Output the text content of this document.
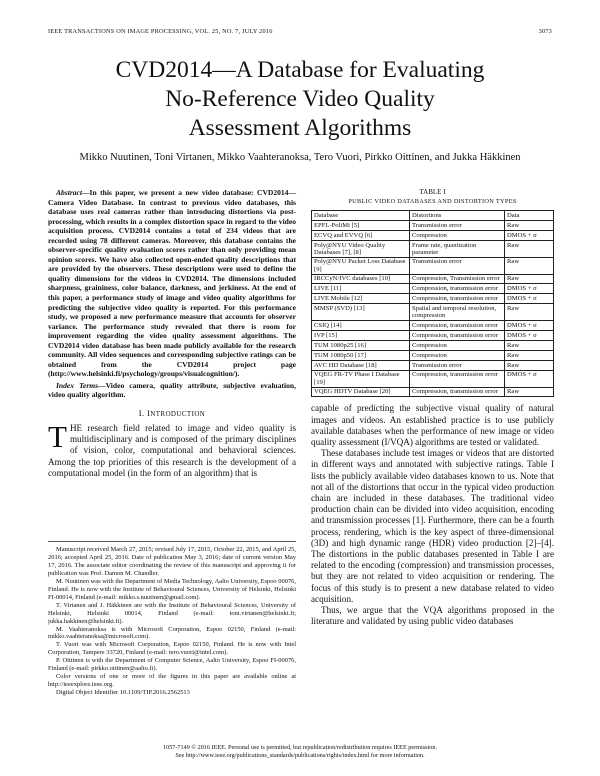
IEEE TRANSACTIONS ON IMAGE PROCESSING, VOL. 25, NO. 7, JULY 2016	3073
CVD2014—A Database for Evaluating
No-Reference Video Quality
Assessment Algorithms
Mikko Nuutinen, Toni Virtanen, Mikko Vaahteranoksa, Tero Vuori, Pirkko Oittinen, and Jukka Häkkinen

Abstract—In this paper, we present a new video database: CVD2014—Camera Video Database. In contrast to previous video databases, this database uses real cameras rather than introducing distortions via post-processing, which results in a complex distortion space in regard to the video acquisition process. CVD2014 contains a total of 234 videos that are recorded using 78 different cameras. Moreover, this database contains the observer-specific quality evaluation scores rather than only providing mean opinion scores. We have also collected open-ended quality descriptions that are provided by the observers. These descriptions were used to define the quality dimensions for the videos in CVD2014. The dimensions included sharpness, graininess, color balance, darkness, and jerkiness. At the end of this paper, a performance study of image and video quality algorithms for predicting the subjective video quality is reported. For this performance study, we proposed a new performance measure that accounts for observer variance. The performance study revealed that there is room for improvement regarding the video quality assessment algorithms. The CVD2014 video database has been made publicly available for the research community. All video sequences and corresponding subjective ratings can be obtained from the CVD2014 project page (http://www.helsinki.fi/psychology/groups/visualcognition/).

Index Terms—Video camera, quality attribute, subjective evaluation, video quality algorithm.

I. INTRODUCTION

THE research field related to image and video quality is multidisciplinary and is composed of the primary disciplines of vision, color, computational and behavioral sciences. Among the top priorities of this research is the development of a computational model (in the form of an algorithm) that is

Manuscript received March 27, 2015; revised July 17, 2015, October 22, 2015, and April 25, 2016; accepted April 25, 2016. Date of publication May 3, 2016; date of current version May 17, 2016. The associate editor coordinating the review of this manuscript and approving it for publication was Prof. Damon M. Chandler.

M. Nuutinen was with the Department of Media Technology, Aalto University, Espoo 00076, Finland. He is now with the Institute of Behavioural Sciences, University of Helsinki, Helsinki FI-00014, Finland (e-mail: mikko.s.nuutinen@gmail.com).

T. Virtanen and J. Häkkinen are with the Institute of Behavioural Sciences, University of Helsinki, Helsinki 00014, Finland (e-mail: toni.virtanen@helsinki.fi; jukka.hakkinen@helsinki.fi).

M. Vaahteranoksa is with Microsoft Corporation, Espoo 02150, Finland (e-mail: mikko.vaahteranoksa@microsoft.com).

T. Vuori was with Microsoft Corporation, Espoo 02150, Finland. He is now with Intel Corporation, Tampere 33720, Finland (e-mail: tero.vuori@intel.com).

P. Oittinen is with the Department of Computer Science, Aalto University, Espoo FI-00076, Finland (e-mail: pirkko.oittinen@aalto.fi).

Color versions of one or more of the figures in this paper are available online at http://ieeexplore.ieee.org.

Digital Object Identifier 10.1109/TIP.2016.2562513

TABLE I
PUBLIC VIDEO DATABASES AND DISTORTION TYPES
Database	Distortions	Data
EPFL-PoliMi [5]	Transmission error	Raw
ECVQ and EVVQ [6]	Compression	DMOS + σ
Poly@NYU Video Quality Databases [7], [8]	Frame rate, quantization parameter	Raw
Poly@NYU Packet Loss Database [9]	Transmission error	Raw
IRCCyN/IVC databases [10]	Compression, Transmission error	Raw
LIVE [11]	Compression, transmission error	DMOS + σ
LIVE Mobile [12]	Compression, transmission error	DMOS + σ
MMSP (SVD) [13]	Spatial and temporal resolution, compression	Raw
CSIQ [14]	Compression, transmission error	DMOS + σ
IVP [15]	Compression, transmission error	DMOS + σ
TUM 1080p25 [16]	Compression	Raw
TUM 1080p50 [17]	Compression	Raw
AVC HD Database [18]	Transmission error	Raw
VQEG FR-TV Phase I Database [19]	Compression, transmission error	DMOS + σ
VQEG HDTV Database [20]	Compression, transmission error	Raw

capable of predicting the subjective visual quality of natural images and videos. An established practice is to use publicly available databases when the performance of new image or video quality assessment (I/VQA) algorithms are tested or validated.

These databases include test images or videos that are distorted in different ways and annotated with subjective ratings. Table I lists the publicly available video databases known to us. Note that not all of the distortions that occur in the typical video production chain are included in these databases. The traditional video production chain can be divided into video acquisition, encoding and transmission processes [1]. Furthermore, there can be a fourth process, rendering, which is the key aspect of three-dimensional (3D) and high dynamic range (HDR) video production [2]–[4]. The distortions in the public databases presented in Table I are related to the encoding (compression) and transmission processes, but they are not related to video acquisition or rendering. The focus of this study is to present a new database related to video acquisition.

Thus, we argue that the VQA algorithms proposed in the literature and validated by using public video databases

1057-7149 © 2016 IEEE. Personal use is permitted, but republication/redistribution requires IEEE permission.
See http://www.ieee.org/publications_standards/publications/rights/index.html for more information.
